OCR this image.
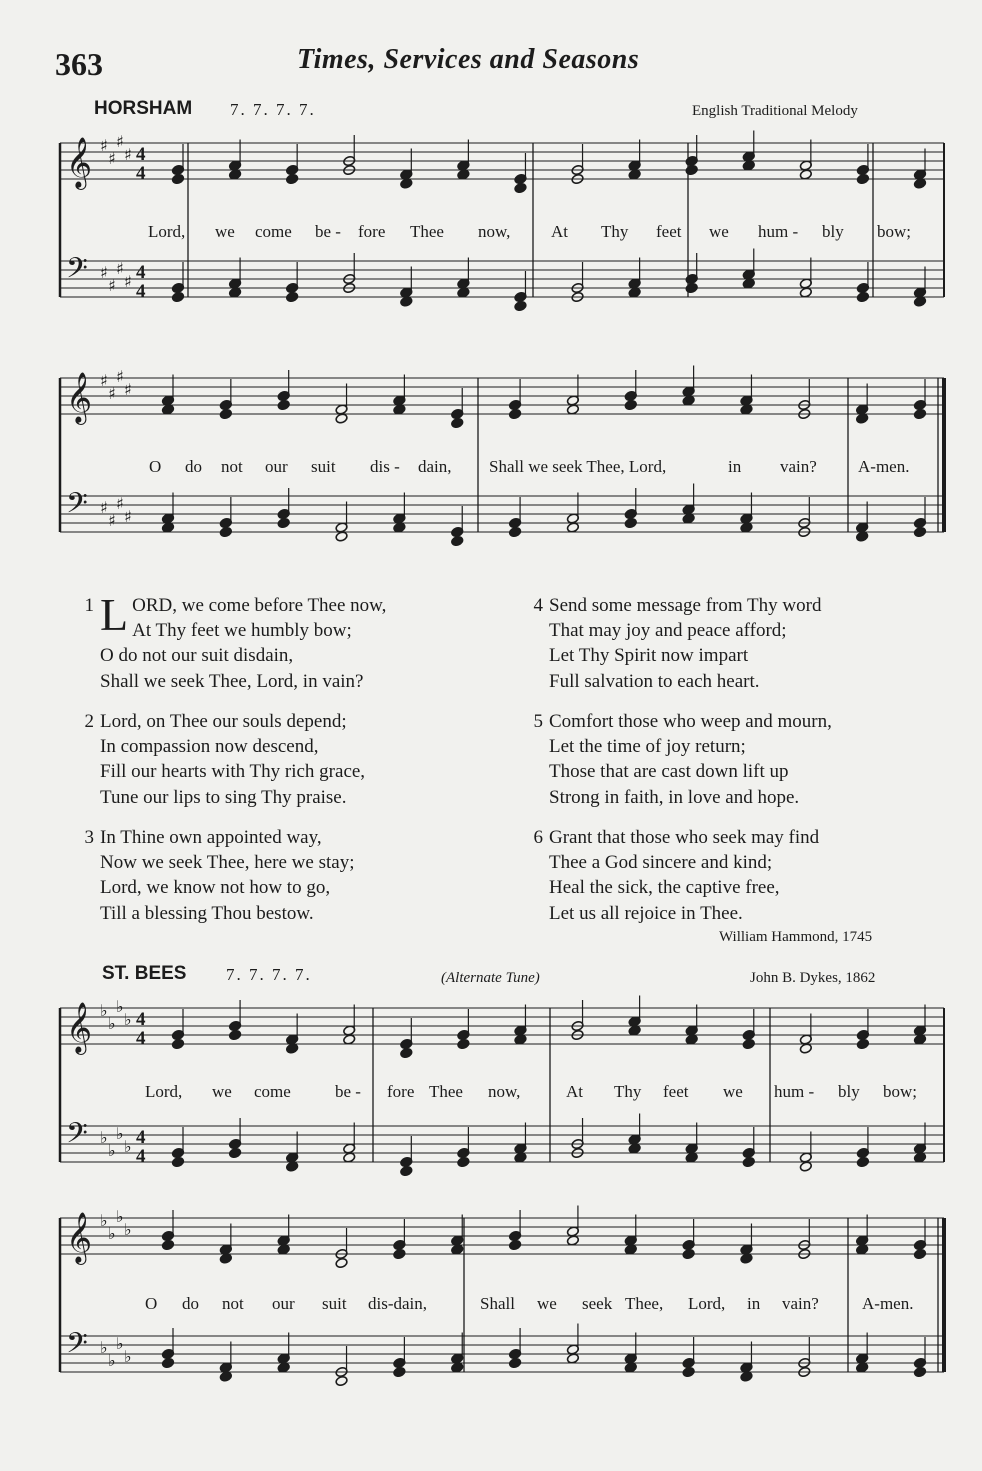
363	Times, Services and Seasons
HORSHAM 7. 7. 7. 7.	English Traditional Melody
𝄞 ♯
♯
♯
♯ 4
4
𝄢 ♯
♯
♯
♯ 4
4
Lord, we come be - fore Thee now, At Thy feet we hum - bly bow;
𝄞 ♯
♯
♯
♯
𝄢 ♯
♯
♯
♯
O do not our suit dis - dain, Shall we seek Thee, Lord,	in vain? A-men.
1 LORD, we come before Thee now,
At Thy feet we humbly bow;
O do not our suit disdain,
Shall we seek Thee, Lord, in vain?
2 Lord, on Thee our souls depend;
In compassion now descend,
Fill our hearts with Thy rich grace,
Tune our lips to sing Thy praise.
3 In Thine own appointed way,
Now we seek Thee, here we stay;
Lord, we know not how to go,
Till a blessing Thou bestow.
4 Send some message from Thy word
That may joy and peace afford;
Let Thy Spirit now impart
Full salvation to each heart.
5 Comfort those who weep and mourn,
Let the time of joy return;
Those that are cast down lift up
Strong in faith, in love and hope.
6 Grant that those who seek may find
Thee a God sincere and kind;
Heal the sick, the captive free,
Let us all rejoice in Thee.
William Hammond, 1745
ST. BEES 7. 7. 7. 7.	(Alternate Tune)	John B. Dykes, 1862
𝄞 ♭
♭
♭
♭ 4
4
𝄢 ♭
♭
♭
♭ 4
4
Lord, we come	be - fore Thee now,	At Thy feet we hum - bly bow;
𝄞 ♭
♭
♭
♭
𝄢 ♭
♭
♭
♭
O do not our suit dis-dain,	Shall we seek Thee, Lord, in vain?	A-men.
